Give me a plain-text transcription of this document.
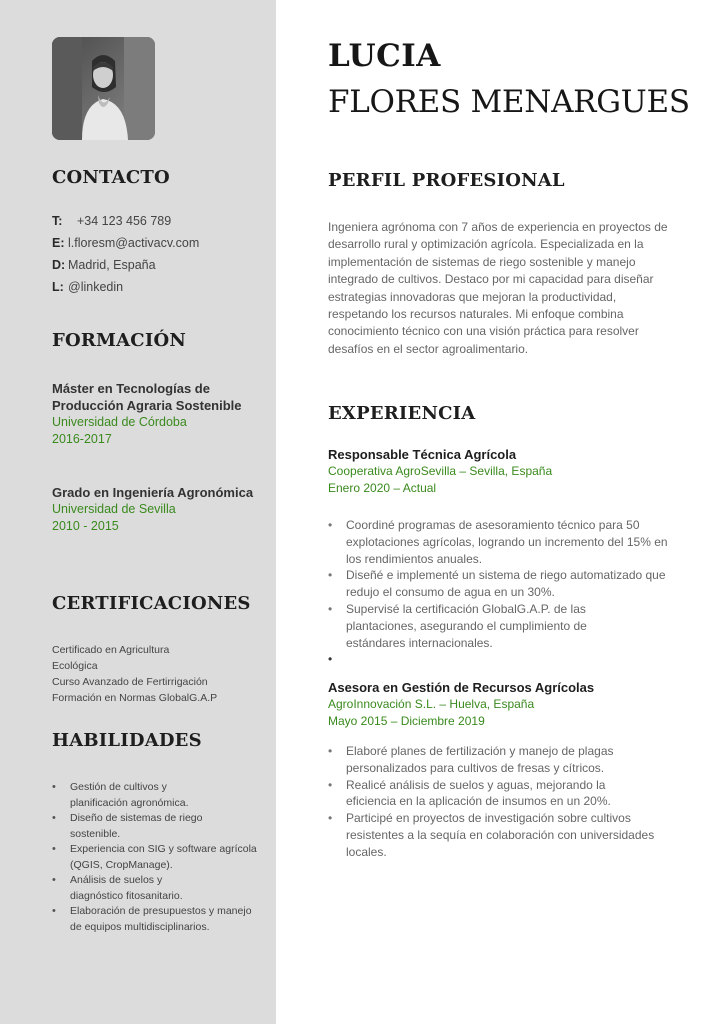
CONTACTO
T:	+34 123 456 789
E: l.floresm@activacv.com
D: Madrid, España
L: @linkedin
FORMACIÓN
Máster en Tecnologías de Producción Agraria Sostenible
Universidad de Córdoba
2016-2017
Grado en Ingeniería Agronómica
Universidad de Sevilla
2010 - 2015
CERTIFICACIONES
Certificado en Agricultura Ecológica
Curso Avanzado de Fertirrigación
Formación en Normas GlobalG.A.P
HABILIDADES
• Gestión de cultivos y planificación agronómica.
• Diseño de sistemas de riego sostenible.
• Experiencia con SIG y software agrícola (QGIS, CropManage).
• Análisis de suelos y diagnóstico fitosanitario.
• Elaboración de presupuestos y manejo de equipos multidisciplinarios.
LUCIA
FLORES MENARGUES
PERFIL PROFESIONAL

Ingeniera agrónoma con 7 años de experiencia en proyectos de desarrollo rural y optimización agrícola. Especializada en la implementación de sistemas de riego sostenible y manejo integrado de cultivos. Destaco por mi capacidad para diseñar estrategias innovadoras que mejoran la productividad, respetando los recursos naturales. Mi enfoque combina conocimiento técnico con una visión práctica para resolver desafíos en el sector agroalimentario.

EXPERIENCIA
Responsable Técnica Agrícola
Cooperativa AgroSevilla – Sevilla, España
Enero 2020 – Actual
• Coordiné programas de asesoramiento técnico para 50 explotaciones agrícolas, logrando un incremento del 15% en los rendimientos anuales.
• Diseñé e implementé un sistema de riego automatizado que redujo el consumo de agua en un 30%.
• Supervisé la certificación GlobalG.A.P. de las plantaciones, asegurando el cumplimiento de estándares internacionales.
•
Asesora en Gestión de Recursos Agrícolas
AgroInnovación S.L. – Huelva, España
Mayo 2015 – Diciembre 2019
• Elaboré planes de fertilización y manejo de plagas personalizados para cultivos de fresas y cítricos.
• Realicé análisis de suelos y aguas, mejorando la eficiencia en la aplicación de insumos en un 20%.
• Participé en proyectos de investigación sobre cultivos resistentes a la sequía en colaboración con universidades locales.
